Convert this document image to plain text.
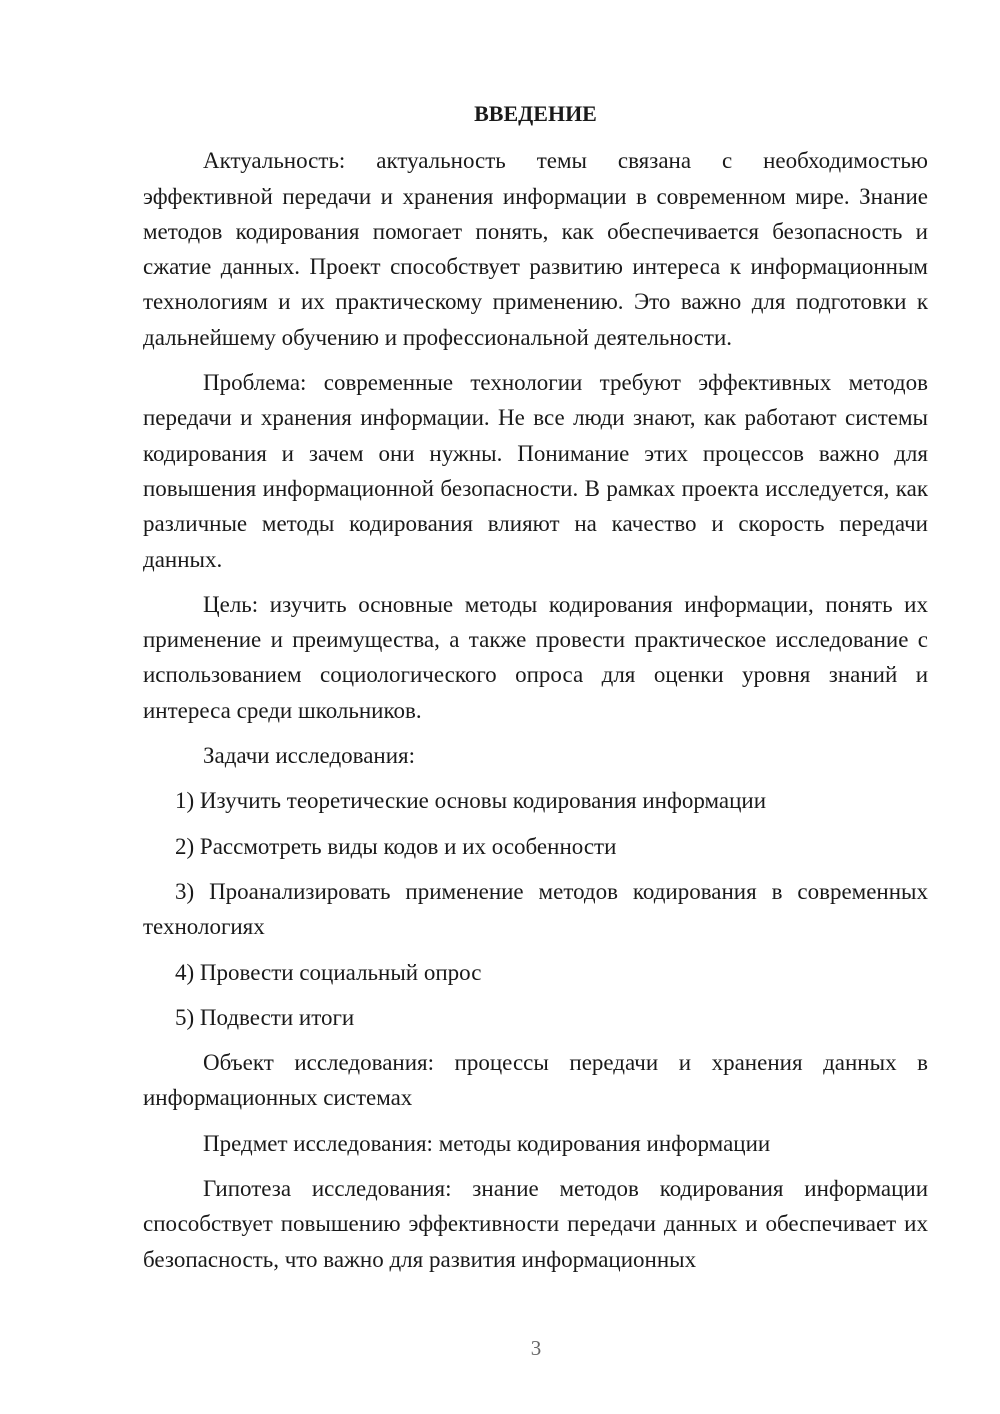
ВВЕДЕНИЕ

Актуальность: актуальность темы связана с необходимостью эффективной передачи и хранения информации в современном мире. Знание методов кодирования помогает понять, как обеспечивается безопасность и сжатие данных. Проект способствует развитию интереса к информационным технологиям и их практическому применению. Это важно для подготовки к дальнейшему обучению и профессиональной деятельности.

Проблема: современные технологии требуют эффективных методов передачи и хранения информации. Не все люди знают, как работают системы кодирования и зачем они нужны. Понимание этих процессов важно для повышения информационной безопасности. В рамках проекта исследуется, как различные методы кодирования влияют на качество и скорость передачи данных.

Цель: изучить основные методы кодирования информации, понять их применение и преимущества, а также провести практическое исследование с использованием социологического опроса для оценки уровня знаний и интереса среди школьников.

Задачи исследования:

1) Изучить теоретические основы кодирования информации

2) Рассмотреть виды кодов и их особенности

3) Проанализировать применение методов кодирования в современных технологиях

4) Провести социальный опрос

5) Подвести итоги

Объект исследования: процессы передачи и хранения данных в информационных системах

Предмет исследования: методы кодирования информации

Гипотеза исследования: знание методов кодирования информации способствует повышению эффективности передачи данных и обеспечивает их безопасность, что важно для развития информационных

3
